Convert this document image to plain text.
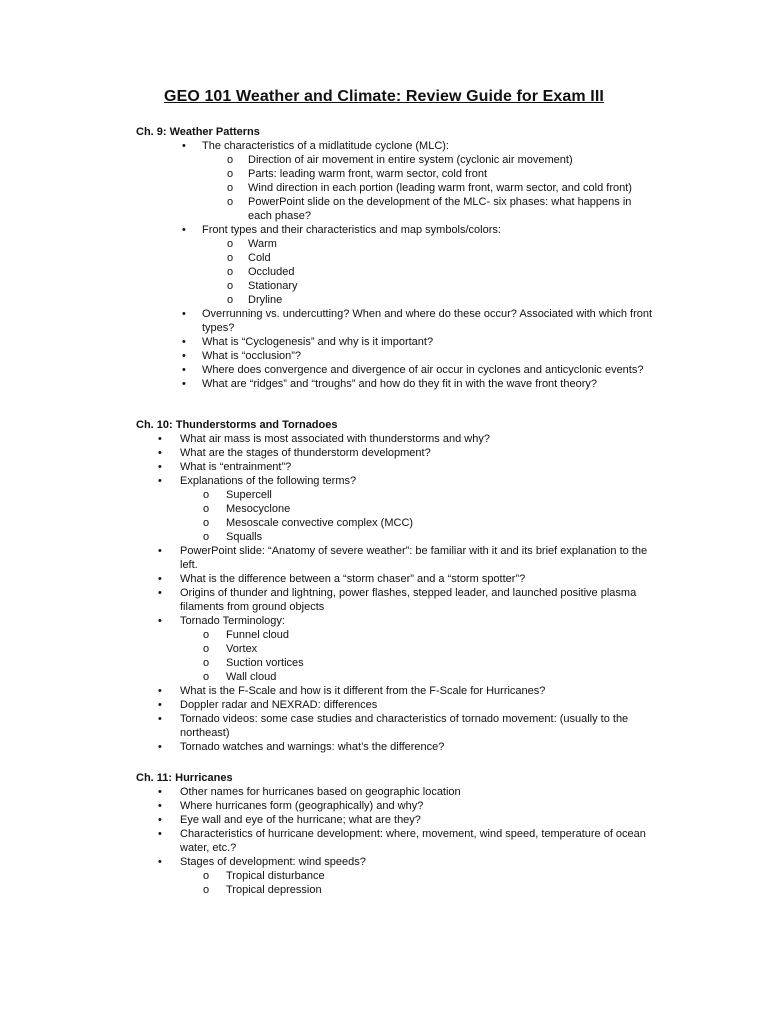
GEO 101 Weather and Climate: Review Guide for Exam III
Ch. 9: Weather Patterns
• The characteristics of a midlatitude cyclone (MLC):
o Direction of air movement in entire system (cyclonic air movement)
o Parts: leading warm front, warm sector, cold front
o Wind direction in each portion (leading warm front, warm sector, and cold front)
o PowerPoint slide on the development of the MLC- six phases: what happens in each phase?
• Front types and their characteristics and map symbols/colors:
o Warm
o Cold
o Occluded
o Stationary
o Dryline
• Overrunning vs. undercutting? When and where do these occur? Associated with which front types?
• What is “Cyclogenesis” and why is it important?
• What is “occlusion”?
• Where does convergence and divergence of air occur in cyclones and anticyclonic events?
• What are “ridges” and “troughs” and how do they fit in with the wave front theory?
Ch. 10: Thunderstorms and Tornadoes
• What air mass is most associated with thunderstorms and why?
• What are the stages of thunderstorm development?
• What is “entrainment”?
• Explanations of the following terms?
o Supercell
o Mesocyclone
o Mesoscale convective complex (MCC)
o Squalls
• PowerPoint slide: “Anatomy of severe weather”: be familiar with it and its brief explanation to the left.
• What is the difference between a “storm chaser” and a “storm spotter”?
• Origins of thunder and lightning, power flashes, stepped leader, and launched positive plasma filaments from ground objects
• Tornado Terminology:
o Funnel cloud
o Vortex
o Suction vortices
o Wall cloud
• What is the F-Scale and how is it different from the F-Scale for Hurricanes?
• Doppler radar and NEXRAD: differences
• Tornado videos: some case studies and characteristics of tornado movement: (usually to the northeast)
• Tornado watches and warnings: what’s the difference?
Ch. 11: Hurricanes
• Other names for hurricanes based on geographic location
• Where hurricanes form (geographically) and why?
• Eye wall and eye of the hurricane; what are they?
• Characteristics of hurricane development: where, movement, wind speed, temperature of ocean water, etc.?
• Stages of development: wind speeds?
o Tropical disturbance
o Tropical depression
